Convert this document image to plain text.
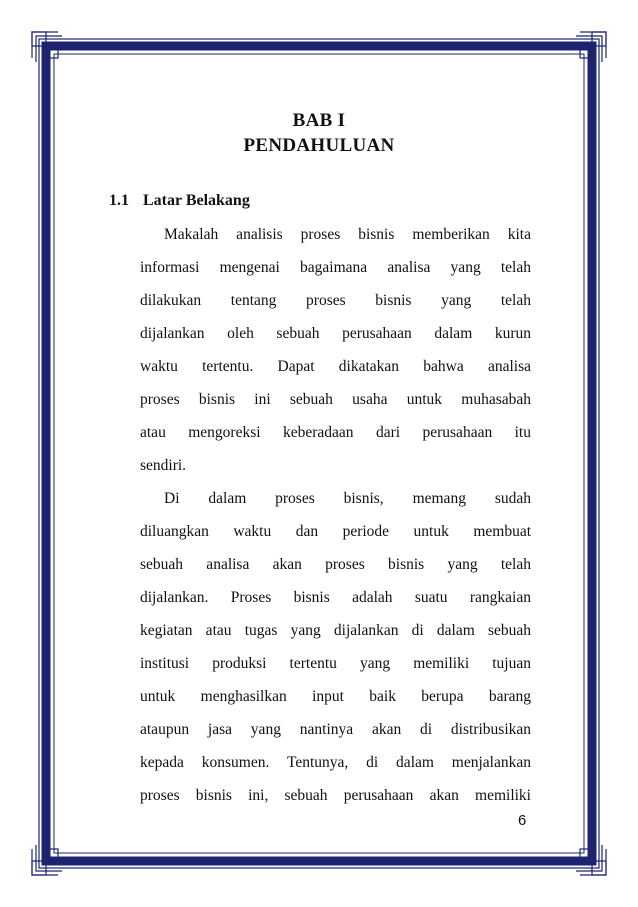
BAB I
PENDAHULUAN
1.1 Latar Belakang
Makalah analisis proses bisnis memberikan kita
informasi mengenai bagaimana analisa yang telah
dilakukan tentang proses bisnis yang telah
dijalankan oleh sebuah perusahaan dalam kurun
waktu tertentu. Dapat dikatakan bahwa analisa
proses bisnis ini sebuah usaha untuk muhasabah
atau mengoreksi keberadaan dari perusahaan itu
sendiri.
Di dalam proses bisnis, memang sudah
diluangkan waktu dan periode untuk membuat
sebuah analisa akan proses bisnis yang telah
dijalankan. Proses bisnis adalah suatu rangkaian
kegiatan atau tugas yang dijalankan di dalam sebuah
institusi produksi tertentu yang memiliki tujuan
untuk menghasilkan input baik berupa barang
ataupun jasa yang nantinya akan di distribusikan
kepada konsumen. Tentunya, di dalam menjalankan
proses bisnis ini, sebuah perusahaan akan memiliki
6
